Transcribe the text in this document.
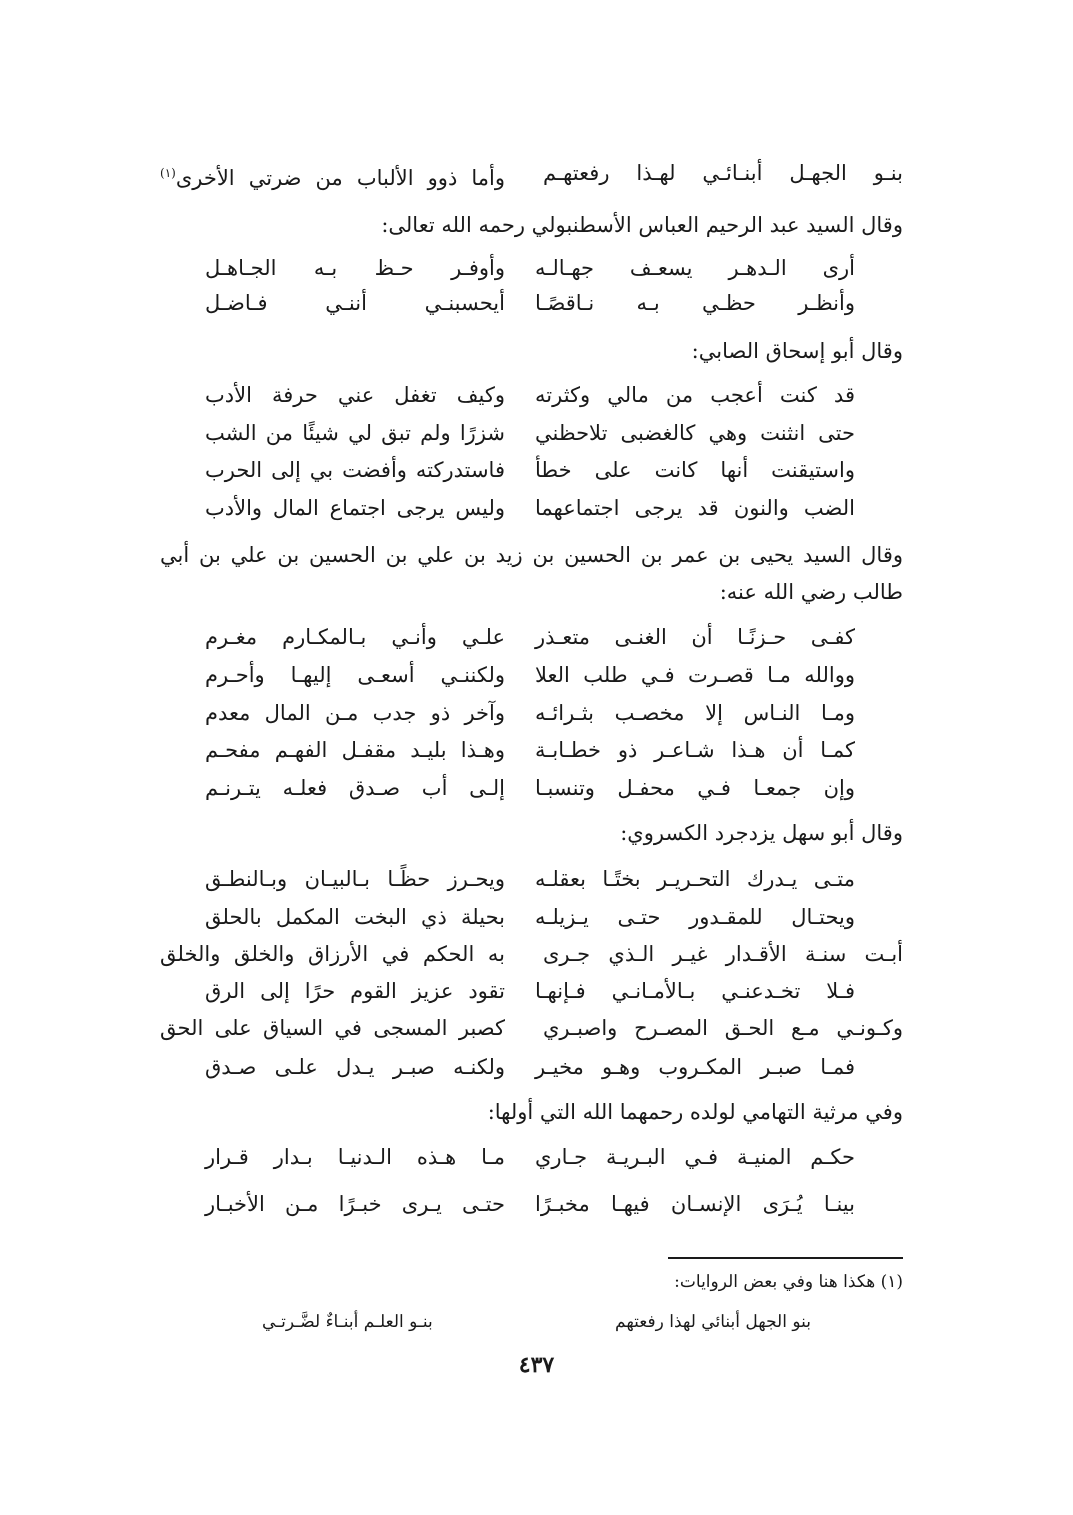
بنـو الجهـل أبنـائـي لهـذا رفعتهـم
وأما ذوو الألباب من ضرتي الأخرى$^{(١)}$
وقال السيد عبد الرحيم العباس الأسطنبولي رحمه الله تعالى:
أرى الـدهـر يسعـف جهـالـه
وأوفـر حـظ بـه الجـاهـل
وأنظـر حظـي بـه نـاقصًـا
أيحسبنـي أننـي فـاضـل
وقال أبو إسحاق الصابي:
قد كنت أعجب من مالي وكثرته
وكيف تغفل عني حرفة الأدب
حتى انثنت وهي كالغضبى تلاحظني
شزرًا ولم تبق لي شيئًا من الشب
واستيقنت أنها كانت على خطأ
فاستدركته وأفضت بي إلى الحرب
الضب والنون قد يرجى اجتماعهما
وليس يرجى اجتماع المال والأدب
وقال السيد يحيى بن عمر بن الحسين بن زيد بن علي بن الحسين بن علي بن أبي
طالب رضي الله عنه:
كفـى حـزنًـا أن الغنـى متعـذر
علـي وأنـي بـالمكـارم مغـرم
ووالله مـا قصـرت فـي طلب العلا
ولكننـي أسعـى إليهـا وأحـرم
ومـا النـاس إلا مخصـب بثـرائـه
وآخر ذو جدب مـن المال معدم
كمـا أن هـذا شـاعـر ذو خطـابـة
وهـذا بليـد مقفـل الفهـم مفحـم
وإن جمعـا فـي محفـل وتنسبـا
إلـى أب صـدق فعلـه يتـرنـم
وقال أبو سهل يزدجرد الكسروي:
متـى يـدرك التحـريـر بختًـا بعقلـه
ويحـرز حظًـا بـالبيـان وبـالنطـق
ويحتـال للمقـدور حتـى يـزيلـه
بحيلة ذي البخت المكمل بالحلق
أبـت سنـة الأقـدار غيـر الـذي جـرى
به الحكم في الأرزاق والخلق والخلق
فـلا تخـدعنـي بـالأمـانـي فـإنهـا
تقود عزيز القوم حرًا إلى الرق
وكـونـي مـع الحـق المصـرح واصبـري
كصبر المسجى في السياق على الحق
فمـا صبـر المكـروب وهـو مخيـر
ولكنـه صبـر يـدل علـى صـدق
وفي مرثية التهامي لولده رحمهما الله التي أولها:
حكـم المنيـة فـي البـريـة جـاري
مـا هـذه الـدنيـا بـدار قـرار
بينـا يُـرَى الإنسـان فيهـا مخبـرًا
حتـى يـرى خبـرًا مـن الأخبـار
(١) هكذا هنا وفي بعض الروايات:
بنو الجهل أبنائي لهذا رفعتهم
بنـو العلـم أبنـاءٌ لضَّـرتـي
٤٣٧
